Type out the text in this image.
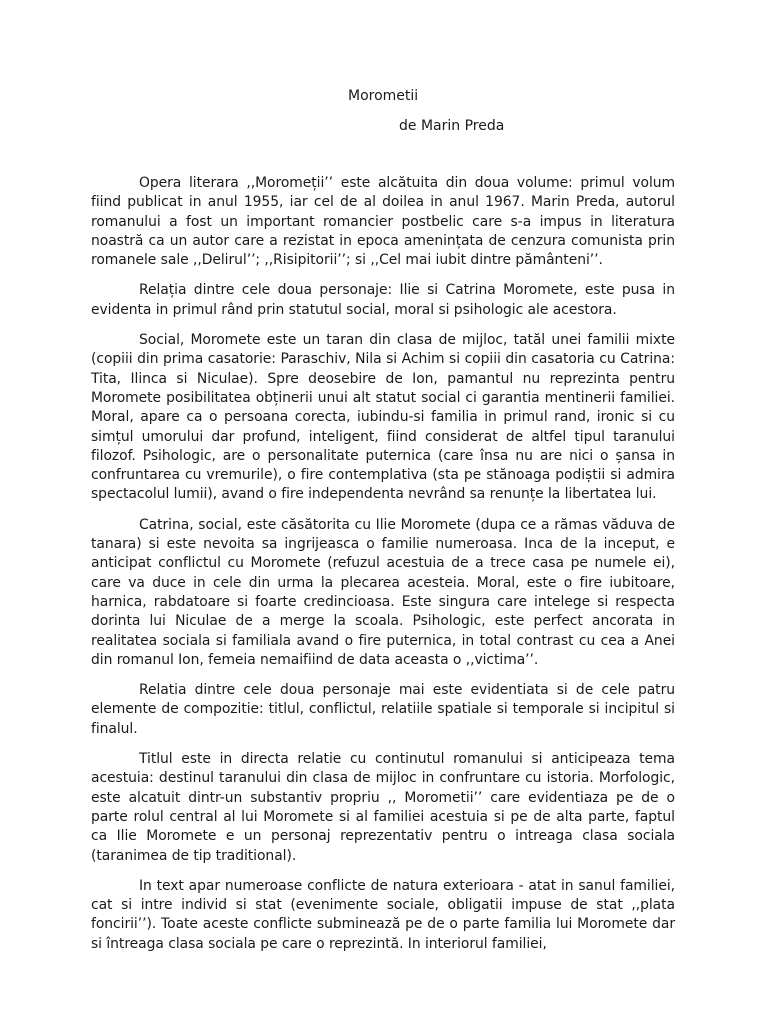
Morometii

de Marin Preda

Opera literara ,,Moromeții’’ este alcătuita din doua volume: primul volum fiind publicat in anul 1955, iar cel de al doilea in anul 1967. Marin Preda, autorul romanului a fost un important romancier postbelic care s-a impus in literatura noastră ca un autor care a rezistat in epoca amenințata de cenzura comunista prin romanele sale ,,Delirul’’; ,,Risipitorii’’; si ,,Cel mai iubit dintre pământeni’’.

Relația dintre cele doua personaje: Ilie si Catrina Moromete, este pusa in evidenta in primul rând prin statutul social, moral si psihologic ale acestora.

Social, Moromete este un taran din clasa de mijloc, tatăl unei familii mixte (copiii din prima casatorie: Paraschiv, Nila si Achim si copiii din casatoria cu Catrina: Tita, Ilinca si Niculae). Spre deosebire de Ion, pamantul nu reprezinta pentru Moromete posibilitatea obținerii unui alt statut social ci garantia mentinerii familiei. Moral, apare ca o persoana corecta, iubindu-si familia in primul rand, ironic si cu simțul umorului dar profund, inteligent, fiind considerat de altfel tipul taranului filozof. Psihologic, are o personalitate puternica (care însa nu are nici o șansa in confruntarea cu vremurile), o fire contemplativa (sta pe stănoaga podiștii si admira spectacolul lumii), avand o fire independenta nevrând sa renunțe la libertatea lui.

Catrina, social, este căsătorita cu Ilie Moromete (dupa ce a rămas văduva de tanara) si este nevoita sa ingrijeasca o familie numeroasa. Inca de la inceput, e anticipat conflictul cu Moromete (refuzul acestuia de a trece casa pe numele ei), care va duce in cele din urma la plecarea acesteia. Moral, este o fire iubitoare, harnica, rabdatoare si foarte credincioasa. Este singura care intelege si respecta dorinta lui Niculae de a merge la scoala. Psihologic, este perfect ancorata in realitatea sociala si familiala avand o fire puternica, in total contrast cu cea a Anei din romanul Ion, femeia nemaifiind de data aceasta o ,,victima’’.

Relatia dintre cele doua personaje mai este evidentiata si de cele patru elemente de compozitie: titlul, conflictul, relatiile spatiale si temporale si incipitul si finalul.

Titlul este in directa relatie cu continutul romanului si anticipeaza tema acestuia: destinul taranului din clasa de mijloc in confruntare cu istoria. Morfologic, este alcatuit dintr-un substantiv propriu ,, Morometii’’ care evidentiaza pe de o parte rolul central al lui Moromete si al familiei acestuia si pe de alta parte, faptul ca Ilie Moromete e un personaj reprezentativ pentru o intreaga clasa sociala (taranimea de tip traditional).

In text apar numeroase conflicte de natura exterioara - atat in sanul familiei, cat si intre individ si stat (evenimente sociale, obligatii impuse de stat ,,plata foncirii’’). Toate aceste conflicte subminează pe de o parte familia lui Moromete dar si întreaga clasa sociala pe care o reprezintă. In interiorul familiei,
